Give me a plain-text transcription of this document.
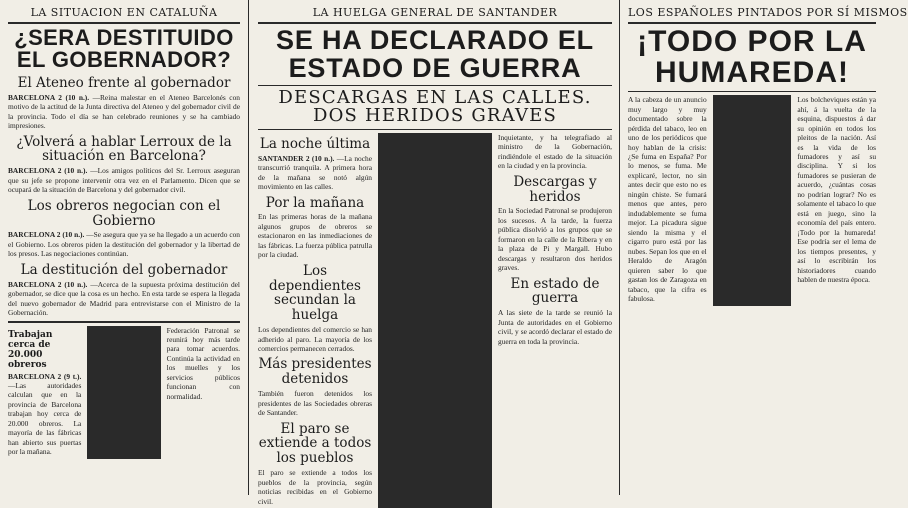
LA SITUACION EN CATALUÑA
¿SERA DESTITUIDO EL GOBERNADOR?
El Ateneo frente al gobernador

BARCELONA 2 (10 n.). —Reina malestar en el Ateneo Barcelonés con motivo de la actitud de la Junta directiva del Ateneo y del gobernador civil de la provincia. Todo el día se han celebrado reuniones y se ha cambiado impresiones.

¿Volverá a hablar Lerroux de la situación en Barcelona?

BARCELONA 2 (10 n.). —Los amigos políticos del Sr. Lerroux aseguran que su jefe se propone intervenir otra vez en el Parlamento. Dicen que se ocupará de la situación de Barcelona y del gobernador civil.

Los obreros negocian con el Gobierno

BARCELONA 2 (10 n.). —Se asegura que ya se ha llegado a un acuerdo con el Gobierno. Los obreros piden la destitución del gobernador y la libertad de los presos. Las negociaciones continúan.

La destitución del gobernador

BARCELONA 2 (10 n.). —Acerca de la supuesta próxima destitución del gobernador, se dice que la cosa es un hecho. En esta tarde se espera la llegada del nuevo gobernador de Madrid para entrevistarse con el Ministro de la Gobernación.

Trabajan cerca de 20.000 obreros

BARCELONA 2 (9 t.). —Las autoridades calculan que en la provincia de Barcelona trabajan hoy cerca de 20.000 obreros. La mayoría de las fábricas han abierto sus puertas por la mañana.

Federación Patronal se reunirá hoy más tarde para tomar acuerdos. Continúa la actividad en los muelles y los servicios públicos funcionan con normalidad.

LA HUELGA GENERAL DE SANTANDER
SE HA DECLARADO EL ESTADO DE GUERRA
DESCARGAS EN LAS CALLES. DOS HERIDOS GRAVES
La noche última

SANTANDER 2 (10 n.). —La noche transcurrió tranquila. A primera hora de la mañana se notó algún movimiento en las calles.

Por la mañana

En las primeras horas de la mañana algunos grupos de obreros se estacionaron en las inmediaciones de las fábricas. La fuerza pública patrulla por la ciudad.

Los dependientes secundan la huelga

Los dependientes del comercio se han adherido al paro. La mayoría de los comercios permanecen cerrados.

Más presidentes detenidos

También fueron detenidos los presidentes de las Sociedades obreras de Santander.

El paro se extiende a todos los pueblos

El paro se extiende a todos los pueblos de la provincia, según noticias recibidas en el Gobierno civil.

Inquietante, y ha telegrafiado al ministro de la Gobernación, rindiéndole el estado de la situación en la ciudad y en la provincia.

Descargas y heridos

En la Sociedad Patronal se produjeron los sucesos. A la tarde, la fuerza pública disolvió a los grupos que se formaron en la calle de la Ribera y en la plaza de Pi y Margall. Hubo descargas y resultaron dos heridos graves.

En estado de guerra

A las siete de la tarde se reunió la Junta de autoridades en el Gobierno civil, y se acordó declarar el estado de guerra en toda la provincia.

LOS ESPAÑOLES PINTADOS POR SÍ MISMOS
¡TODO POR LA HUMAREDA!

A la cabeza de un anuncio muy largo y muy documentado sobre la pérdida del tabaco, leo en uno de los periódicos que hoy hablan de la crisis: ¿Se fuma en España? Por lo menos, se fuma. Me explicaré, lector, no sin antes decir que esto no es ningún chiste. Se fumará menos que antes, pero indudablemente se fuma mejor. La picadura sigue siendo la misma y el cigarro puro está por las nubes. Sepan los que en el Heraldo de Aragón quieren saber lo que gastan los de Zaragoza en tabaco, que la cifra es fabulosa.

Los bolcheviques están ya ahí, á la vuelta de la esquina, dispuestos á dar su opinión en todos los pleitos de la nación. Así es la vida de los fumadores y así su disciplina. Y si los fumadores se pusieran de acuerdo, ¿cuántas cosas no podrían lograr? No es solamente el tabaco lo que está en juego, sino la economía del país entero. ¡Todo por la humareda! Ese podría ser el lema de los tiempos presentes, y así lo escribirán los historiadores cuando hablen de nuestra época.
